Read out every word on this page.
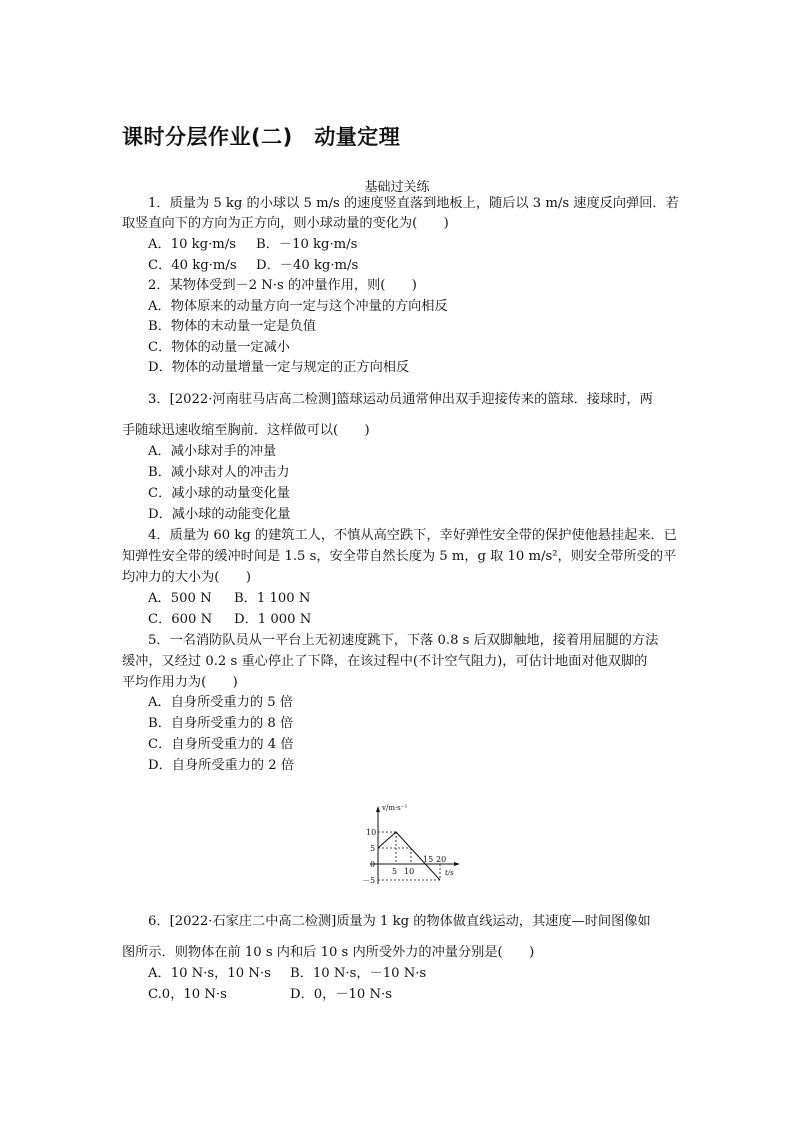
课时分层作业(二)　动量定理
基础过关练
1．质量为 5 kg 的小球以 5 m/s 的速度竖直落到地板上，随后以 3 m/s 速度反向弹回．若
取竖直向下的方向为正方向，则小球动量的变化为(　　)
A．10 kg·m/s	B．－10 kg·m/s
C．40 kg·m/s	D．－40 kg·m/s
2．某物体受到－2 N·s 的冲量作用，则(　　)
A．物体原来的动量方向一定与这个冲量的方向相反
B．物体的末动量一定是负值
C．物体的动量一定减小
D．物体的动量增量一定与规定的正方向相反
3．[2022·河南驻马店高二检测]篮球运动员通常伸出双手迎接传来的篮球．接球时，两
手随球迅速收缩至胸前．这样做可以(　　)
A．减小球对手的冲量
B．减小球对人的冲击力
C．减小球的动量变化量
D．减小球的动能变化量
4．质量为 60 kg 的建筑工人，不慎从高空跌下，幸好弹性安全带的保护使他悬挂起来．已
知弹性安全带的缓冲时间是 1.5 s，安全带自然长度为 5 m，g 取 10 m/s²，则安全带所受的平
均冲力的大小为(　　)
A．500 N	B．1 100 N
C．600 N	D．1 000 N
5．一名消防队员从一平台上无初速度跳下，下落 0.8 s 后双脚触地，接着用屈腿的方法
缓冲，又经过 0.2 s 重心停止了下降，在该过程中(不计空气阻力)，可估计地面对他双脚的
平均作用力为(　　)
A．自身所受重力的 5 倍
B．自身所受重力的 8 倍
C．自身所受重力的 4 倍
D．自身所受重力的 2 倍
v/m·s⁻¹
10
5
0
－5
5 10
15 20
t/s
6．[2022·石家庄二中高二检测]质量为 1 kg 的物体做直线运动，其速度—时间图像如
图所示．则物体在前 10 s 内和后 10 s 内所受外力的冲量分别是(　　)
A．10 N·s，10 N·s	B．10 N·s，－10 N·s
C.0，10 N·s	D．0，－10 N·s
